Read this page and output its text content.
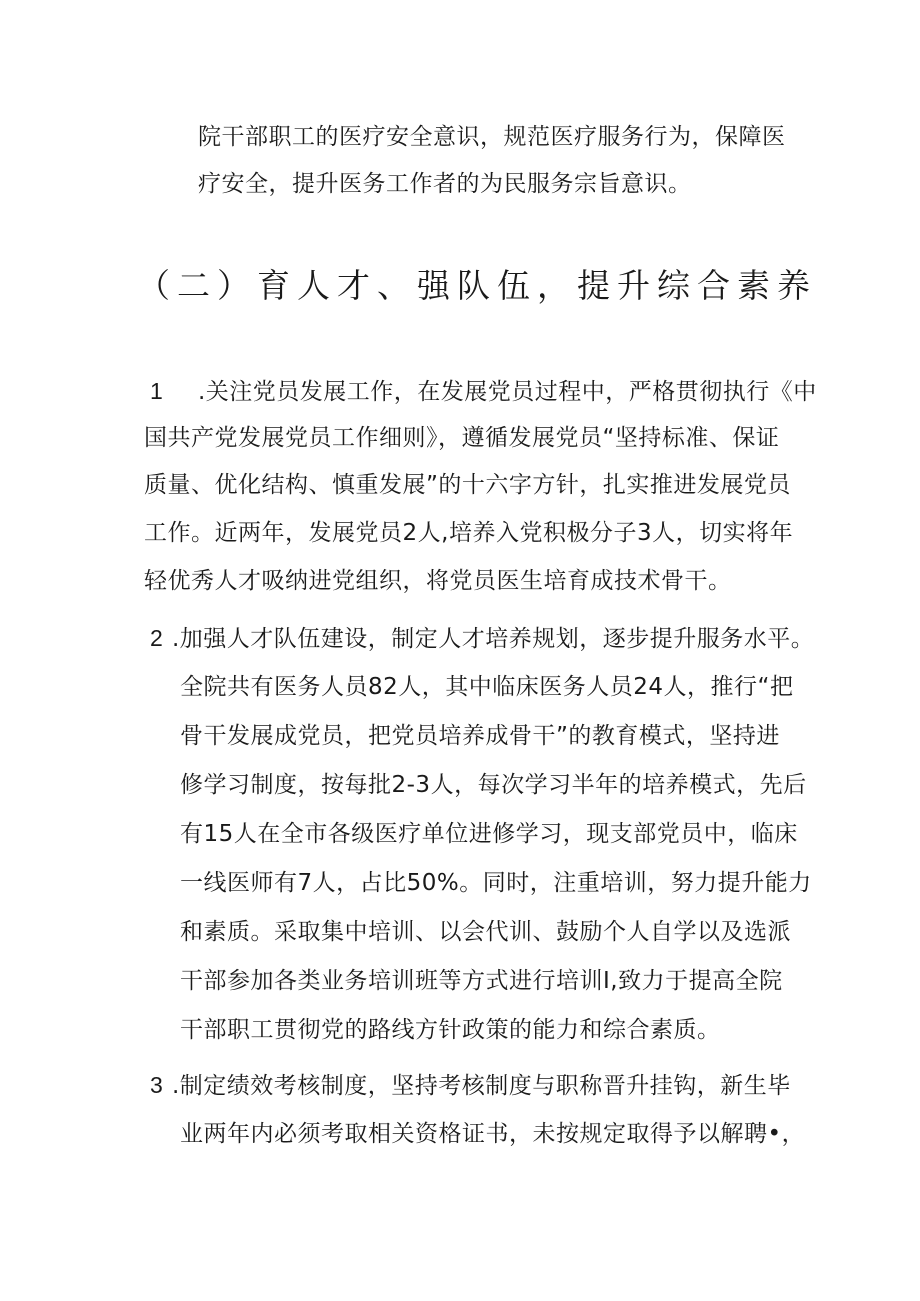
院干部职工的医疗安全意识，规范医疗服务行为，保障医
疗安全，提升医务工作者的为民服务宗旨意识。
（二）育人才、强队伍，提升综合素养
1 .关注党员发展工作，在发展党员过程中，严格贯彻执行《中
国共产党发展党员工作细则》，遵循发展党员“坚持标准、保证
质量、优化结构、慎重发展”的十六字方针，扎实推进发展党员
工作。近两年，发展党员2人,培养入党积极分子3人，切实将年
轻优秀人才吸纳进党组织，将党员医生培育成技术骨干。
2 .加强人才队伍建设，制定人才培养规划，逐步提升服务水平。
全院共有医务人员82人，其中临床医务人员24人，推行“把
骨干发展成党员，把党员培养成骨干”的教育模式，坚持进
修学习制度，按每批2-3人，每次学习半年的培养模式，先后
有15人在全市各级医疗单位进修学习，现支部党员中，临床
一线医师有7人，占比50%。同时，注重培训，努力提升能力
和素质。采取集中培训、以会代训、鼓励个人自学以及选派
干部参加各类业务培训班等方式进行培训I,致力于提高全院
干部职工贯彻党的路线方针政策的能力和综合素质。
3 .制定绩效考核制度，坚持考核制度与职称晋升挂钩，新生毕
业两年内必须考取相关资格证书，未按规定取得予以解聘•，
